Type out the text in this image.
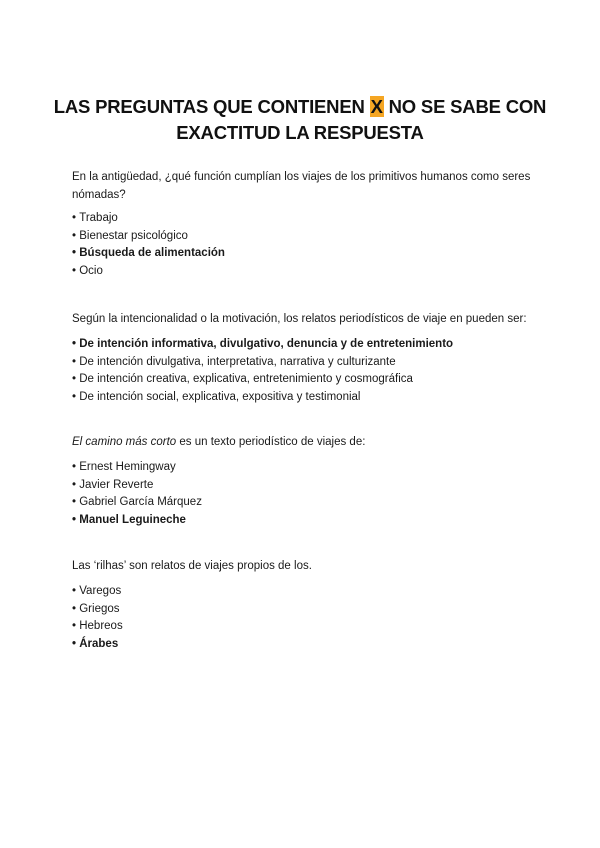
LAS PREGUNTAS QUE CONTIENEN X NO SE SABE CON EXACTITUD LA RESPUESTA

En la antigüedad, ¿qué función cumplían los viajes de los primitivos humanos como seres nómadas?

• Trabajo
• Bienestar psicológico
• Búsqueda de alimentación
• Ocio

Según la intencionalidad o la motivación, los relatos periodísticos de viaje en pueden ser:

• De intención informativa, divulgativo, denuncia y de entretenimiento
• De intención divulgativa, interpretativa, narrativa y culturizante
• De intención creativa, explicativa, entretenimiento y cosmográfica
• De intención social, explicativa, expositiva y testimonial

El camino más corto es un texto periodístico de viajes de:

• Ernest Hemingway
• Javier Reverte
• Gabriel García Márquez
• Manuel Leguineche

Las ‘rilhas’ son relatos de viajes propios de los.

• Varegos
• Griegos
• Hebreos
• Árabes
